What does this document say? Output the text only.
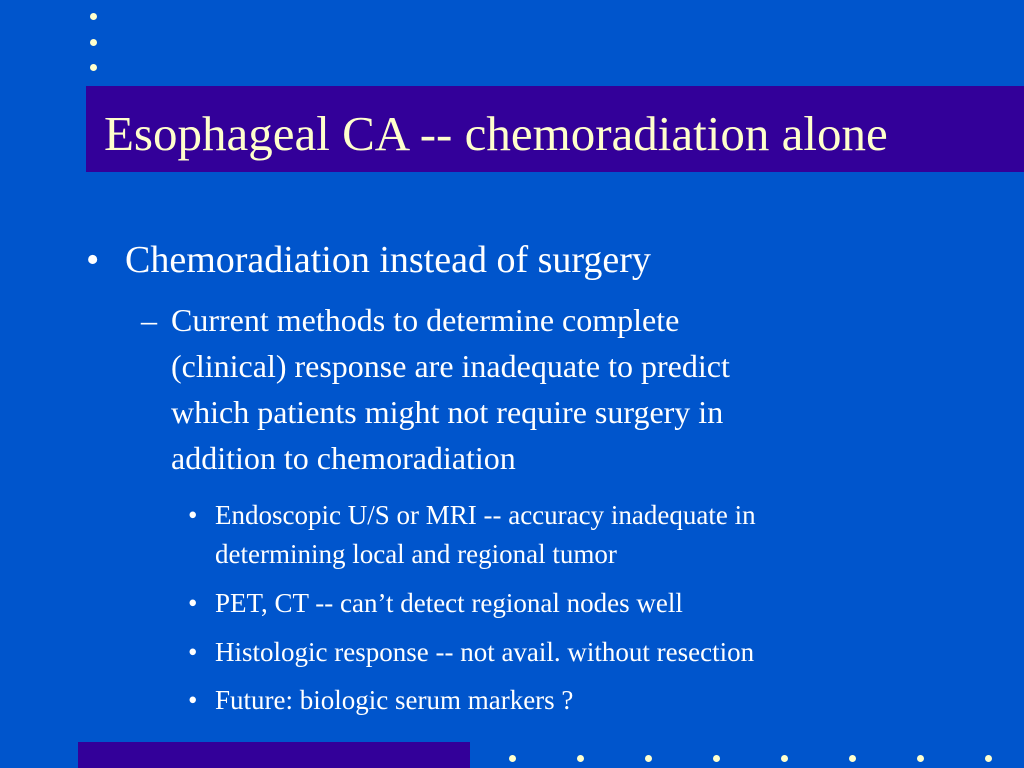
Esophageal CA -- chemoradiation alone
• Chemoradiation instead of surgery
– Current methods to determine complete
(clinical) response are inadequate to predict
which patients might not require surgery in
addition to chemoradiation
• Endoscopic U/S or MRI -- accuracy inadequate in
determining local and regional tumor
• PET, CT -- can’t detect regional nodes well
• Histologic response -- not avail. without resection
• Future: biologic serum markers ?
